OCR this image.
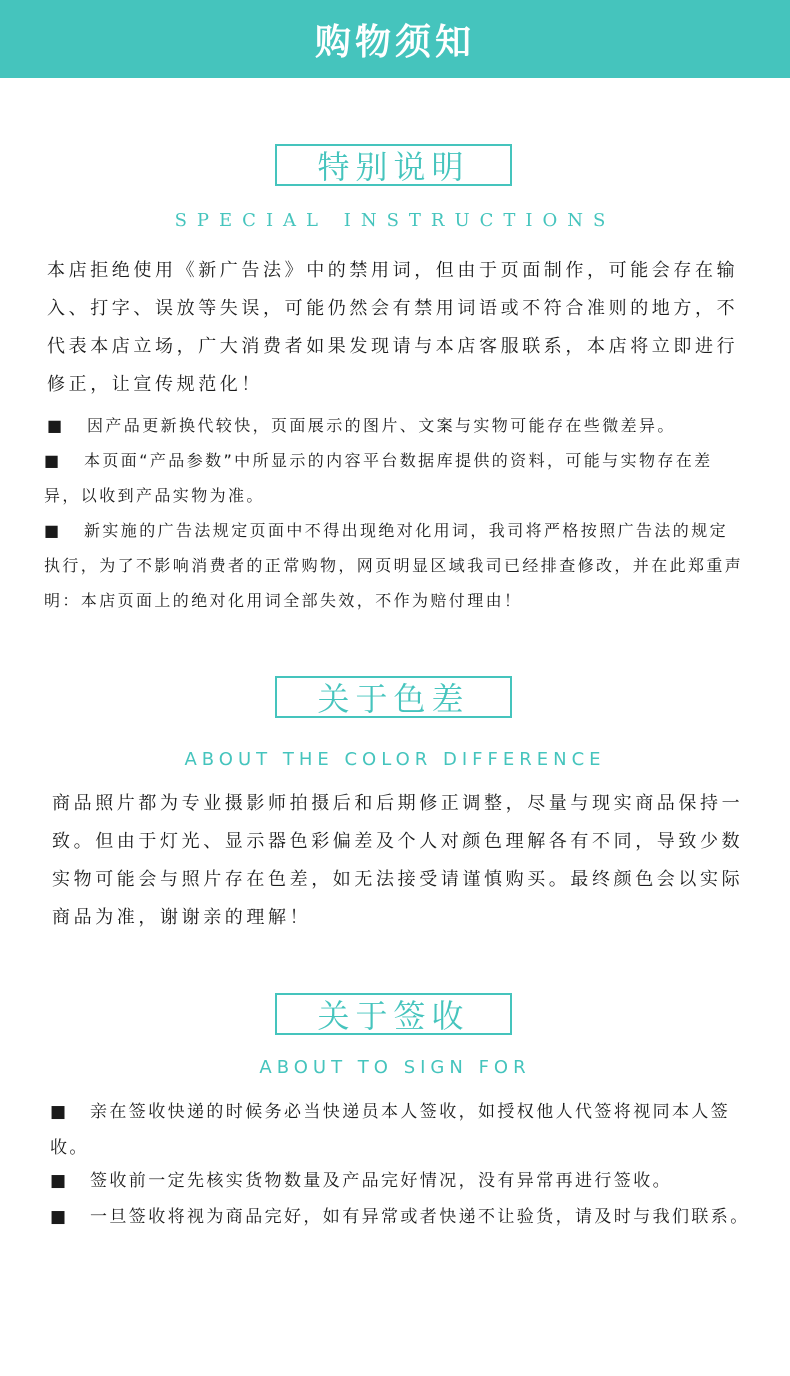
购物须知
特别说明
SPECIAL INSTRUCTIONS

本店拒绝使用《新广告法》中的禁用词，但由于页面制作，可能会存在输入、打字、误放等失误，可能仍然会有禁用词语或不符合准则的地方，不代表本店立场，广大消费者如果发现请与本店客服联系，本店将立即进行修正，让宣传规范化！

■ 因产品更新换代较快，页面展示的图片、文案与实物可能存在些微差异。

■ 本页面“产品参数”中所显示的内容平台数据库提供的资料，可能与实物存在差异，以收到产品实物为准。

■ 新实施的广告法规定页面中不得出现绝对化用词，我司将严格按照广告法的规定执行，为了不影响消费者的正常购物，网页明显区域我司已经排查修改，并在此郑重声明：本店页面上的绝对化用词全部失效，不作为赔付理由！

关于色差
ABOUT THE COLOR DIFFERENCE

商品照片都为专业摄影师拍摄后和后期修正调整，尽量与现实商品保持一致。但由于灯光、显示器色彩偏差及个人对颜色理解各有不同，导致少数实物可能会与照片存在色差，如无法接受请谨慎购买。最终颜色会以实际商品为准，谢谢亲的理解！

关于签收
ABOUT TO SIGN FOR

■ 亲在签收快递的时候务必当快递员本人签收，如授权他人代签将视同本人签收。

■ 签收前一定先核实货物数量及产品完好情况，没有异常再进行签收。

■ 一旦签收将视为商品完好，如有异常或者快递不让验货，请及时与我们联系。
